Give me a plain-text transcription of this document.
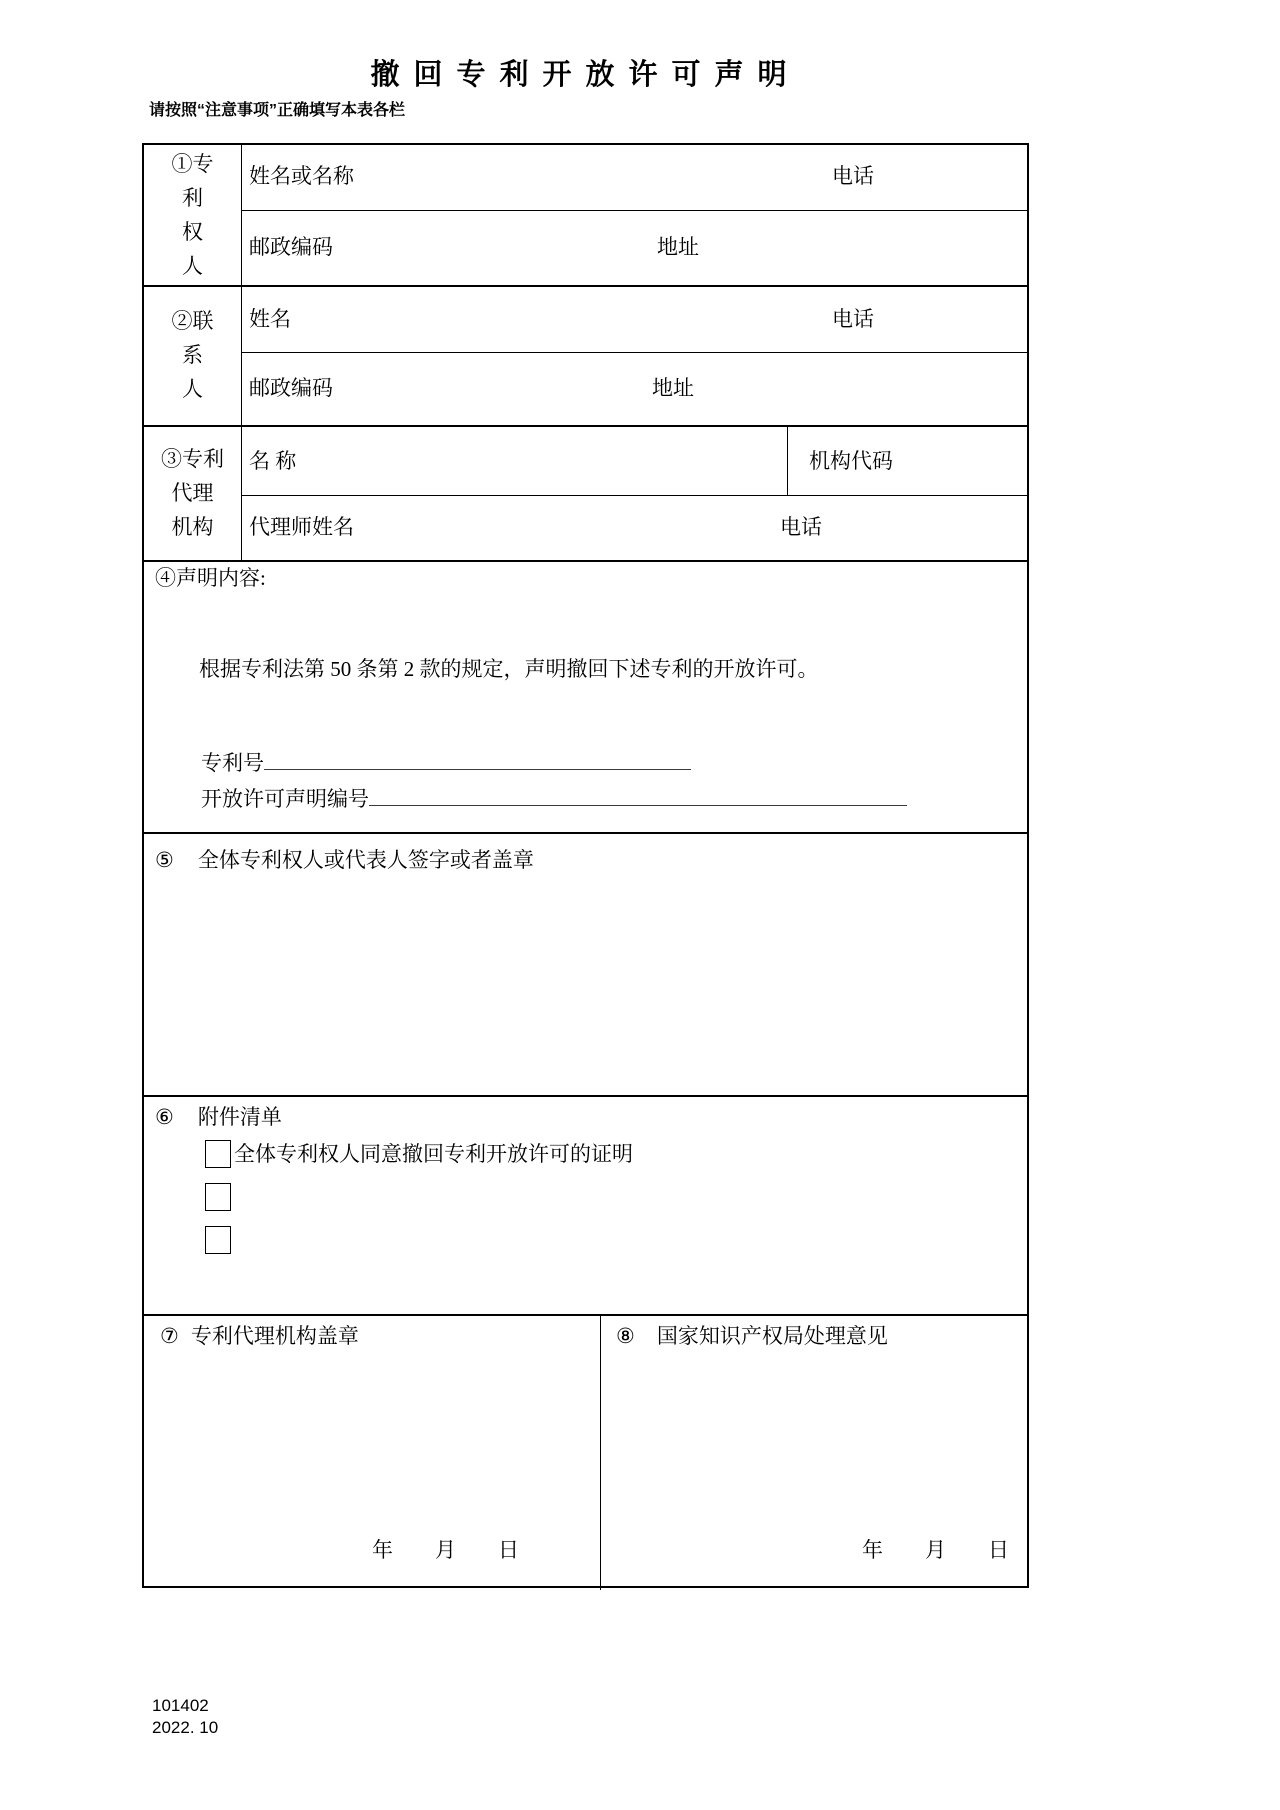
撤回专利开放许可声明
请按照“注意事项”正确填写本表各栏
①专
利
权
人
姓名或名称	电话
邮政编码	地址
②联
系
人
姓名	电话
邮政编码	地址
③专利
代理
机构
名 称	机构代码
代理师姓名	电话
④声明内容:
根据专利法第 50 条第 2 款的规定，声明撤回下述专利的开放许可。
专利号
开放许可声明编号
⑤ 全体专利权人或代表人签字或者盖章
⑥ 附件清单
全体专利权人同意撤回专利开放许可的证明
⑦ 专利代理机构盖章
年　　月　　日
⑧ 国家知识产权局处理意见
年　　月　　日
101402
2022. 10
